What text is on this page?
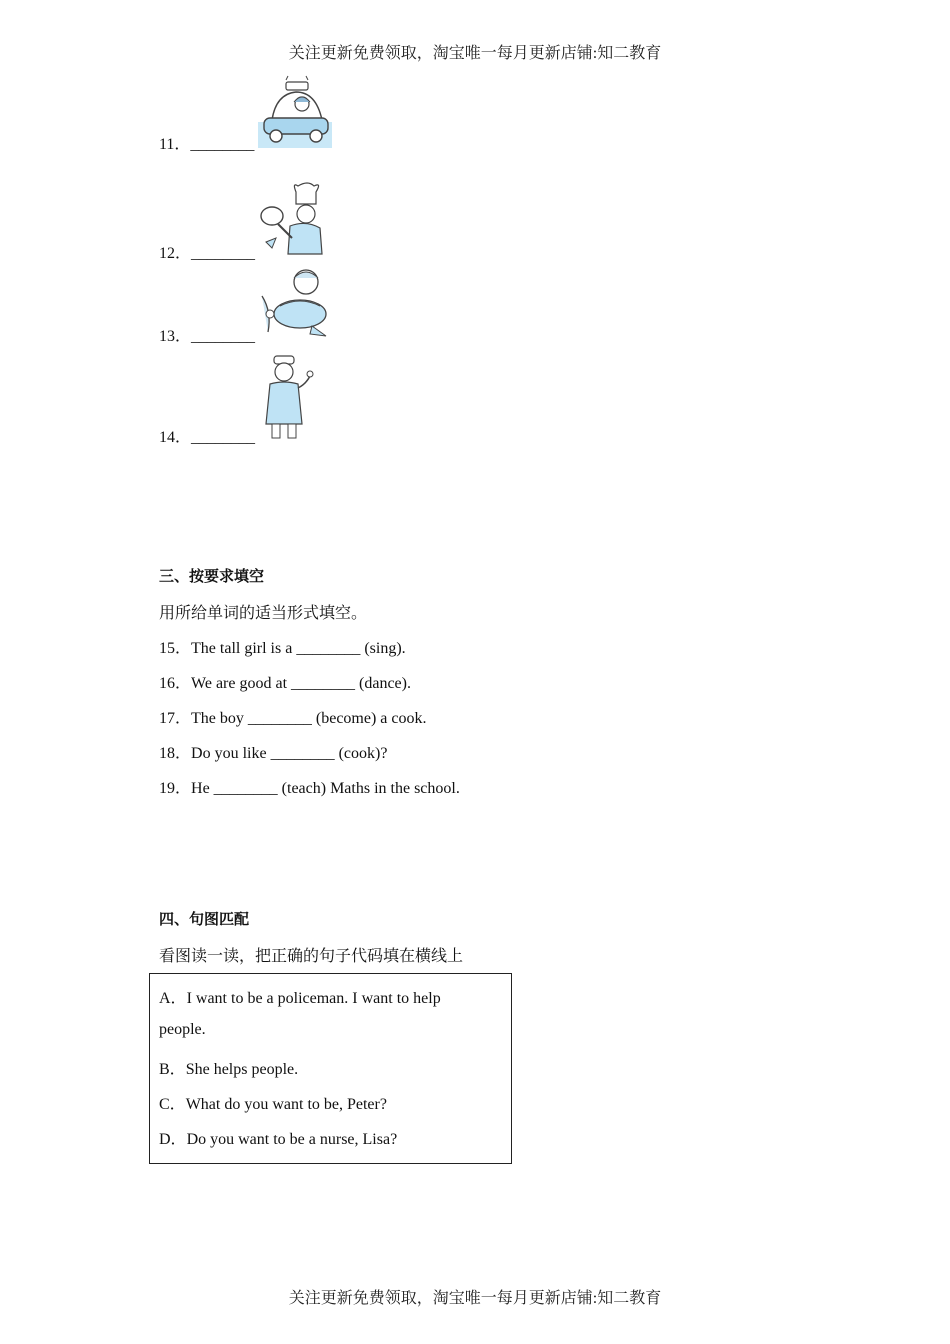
关注更新免费领取，淘宝唯一每月更新店铺:知二教育
11．________
12．________
13．________
14．________
三、按要求填空
用所给单词的适当形式填空。
15．The tall girl is a ________ (sing).
16．We are good at ________ (dance).
17．The boy ________ (become) a cook.
18．Do you like ________ (cook)?
19．He ________ (teach) Maths in the school.
四、句图匹配
看图读一读，把正确的句子代码填在横线上
A．I want to be a policeman. I want to help
people.
B．She helps people.
C．What do you want to be, Peter?
D．Do you want to be a nurse, Lisa?
关注更新免费领取，淘宝唯一每月更新店铺:知二教育
